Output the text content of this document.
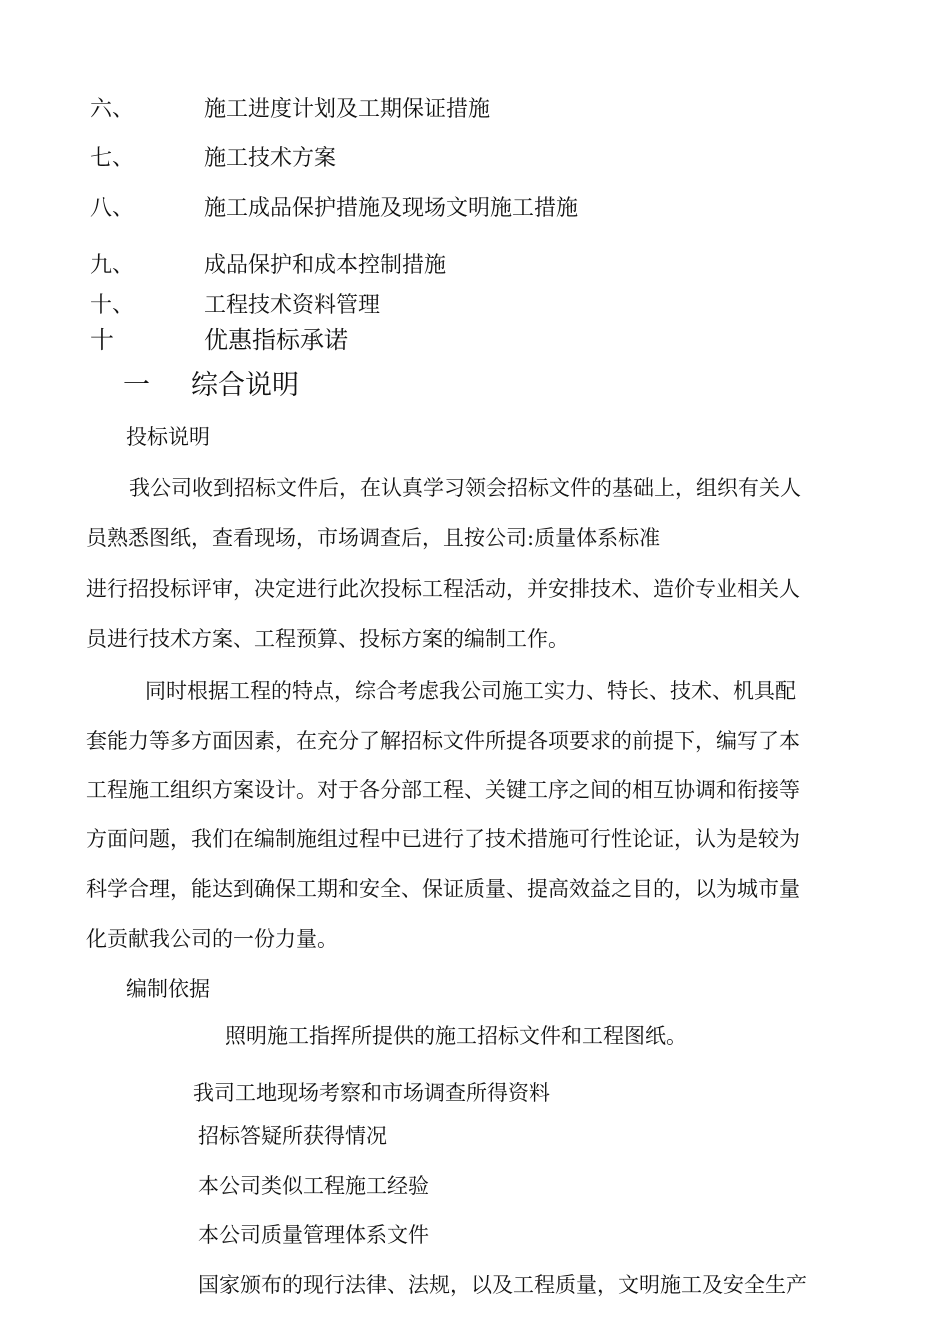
六、	施工进度计划及工期保证措施
七、	施工技术方案
八、	施工成品保护措施及现场文明施工措施
九、	成品保护和成本控制措施
十、	工程技术资料管理
十	优惠指标承诺
一 综合说明
投标说明
我公司收到招标文件后，在认真学习领会招标文件的基础上，组织有关人
员熟悉图纸，查看现场，市场调查后，且按公司:质量体系标准
进行招投标评审，决定进行此次投标工程活动，并安排技术、造价专业相关人
员进行技术方案、工程预算、投标方案的编制工作。
同时根据工程的特点，综合考虑我公司施工实力、特长、技术、机具配
套能力等多方面因素，在充分了解招标文件所提各项要求的前提下，编写了本
工程施工组织方案设计。对于各分部工程、关键工序之间的相互协调和衔接等
方面问题，我们在编制施组过程中已进行了技术措施可行性论证，认为是较为
科学合理，能达到确保工期和安全、保证质量、提高效益之目的，以为城市量
化贡献我公司的一份力量。
编制依据
照明施工指挥所提供的施工招标文件和工程图纸。
我司工地现场考察和市场调查所得资料
招标答疑所获得情况
本公司类似工程施工经验
本公司质量管理体系文件
国家颁布的现行法律、法规，以及工程质量，文明施工及安全生产
